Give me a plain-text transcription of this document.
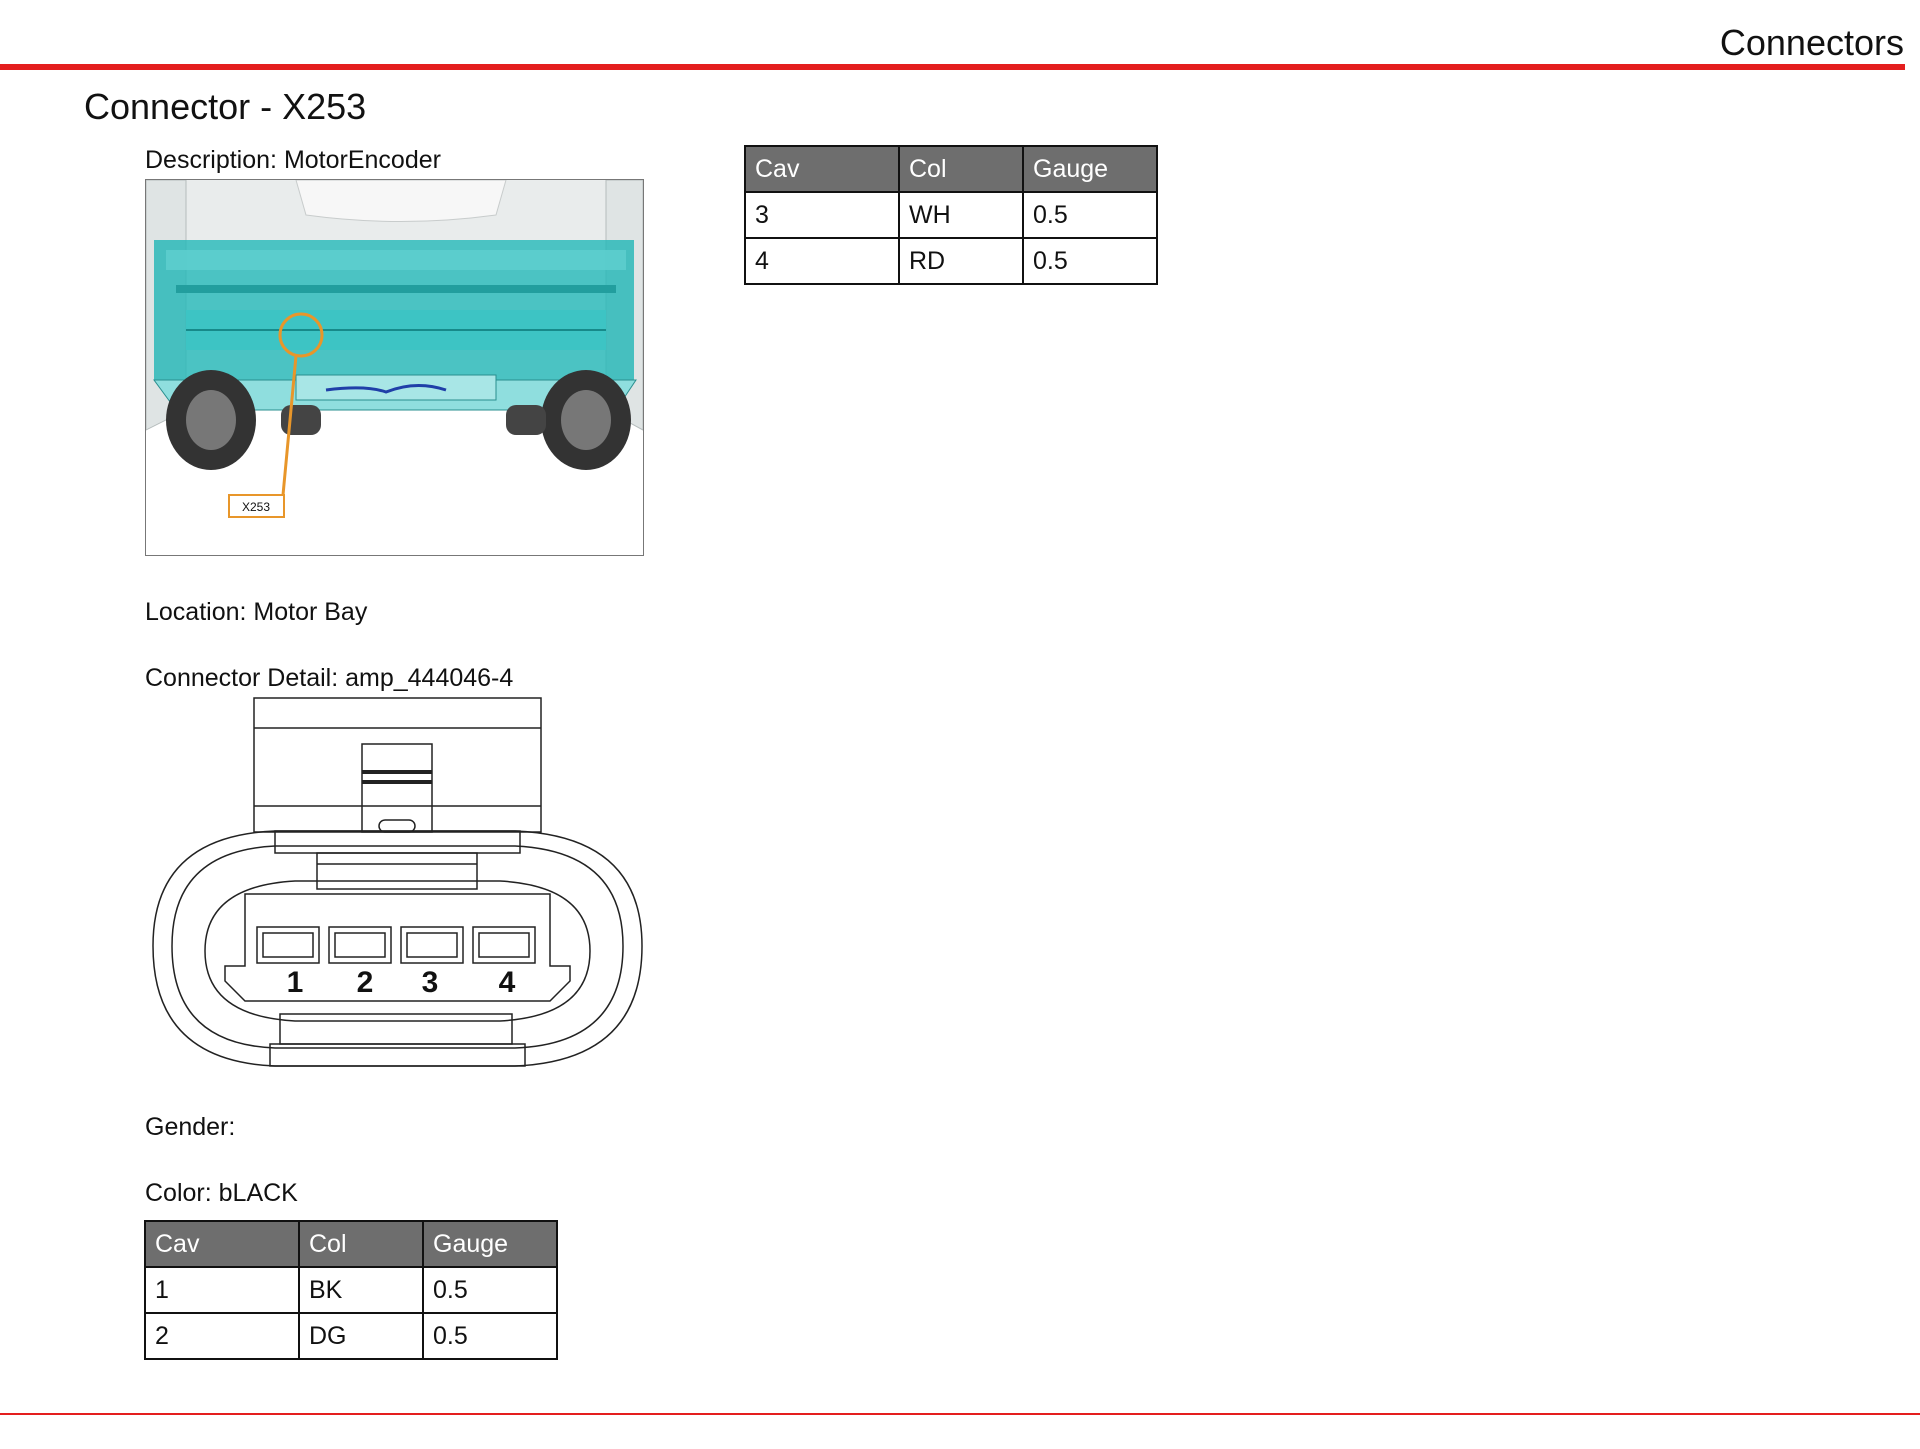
Connectors
Connector - X253
Description: MotorEncoder
X253
Location: Motor Bay
Connector Detail: amp_444046-4
1 2 3 4
Gender:
Color: bLACK
Cav	Col	Gauge
3	WH	0.5
4	RD	0.5
Cav	Col	Gauge
1	BK	0.5
2	DG	0.5
